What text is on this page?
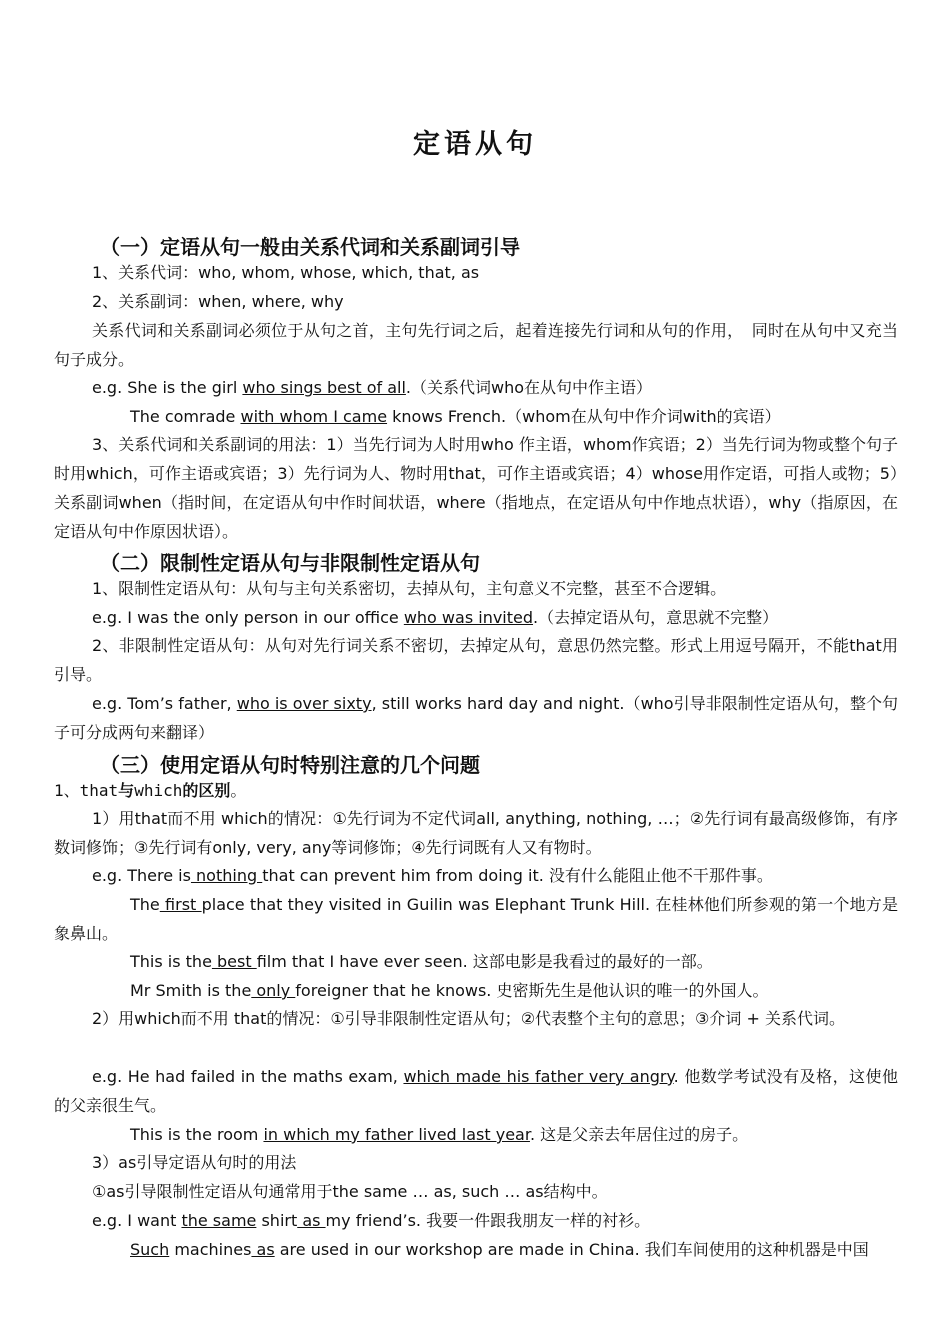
定语从句
（一）定语从句一般由关系代词和关系副词引导

1、关系代词：who, whom, whose, which, that, as

2、关系副词：when, where, why

关系代词和关系副词必须位于从句之首，主句先行词之后，起着连接先行词和从句的作用，　同时在从句中又充当句子成分。

e.g. She is the girl who sings best of all.（关系代词who在从句中作主语）

The comrade with whom I came knows French.（whom在从句中作介词with的宾语）

3、关系代词和关系副词的用法：1）当先行词为人时用who 作主语，whom作宾语；2）当先行词为物或整个句子时用which，可作主语或宾语；3）先行词为人、物时用that，可作主语或宾语；4）whose用作定语，可指人或物；5）关系副词when（指时间，在定语从句中作时间状语，where（指地点，在定语从句中作地点状语），why（指原因，在定语从句中作原因状语）。

（二）限制性定语从句与非限制性定语从句

1、限制性定语从句：从句与主句关系密切，去掉从句，主句意义不完整，甚至不合逻辑。

e.g. I was the only person in our office who was invited.（去掉定语从句，意思就不完整）

2、非限制性定语从句：从句对先行词关系不密切，去掉定从句，意思仍然完整。形式上用逗号隔开，不能that用引导。

e.g. Tom’s father, who is over sixty, still works hard day and night.（who引导非限制性定语从句，整个句子可分成两句来翻译）

（三）使用定语从句时特别注意的几个问题

1、that与which的区别。

1）用that而不用 which的情况：①先行词为不定代词all, anything, nothing, …；②先行词有最高级修饰，有序数词修饰；③先行词有only, very, any等词修饰；④先行词既有人又有物时。

e.g. There is nothing that can prevent him from doing it. 没有什么能阻止他不干那件事。

The first place that they visited in Guilin was Elephant Trunk Hill. 在桂林他们所参观的第一个地方是象鼻山。

This is the best film that I have ever seen. 这部电影是我看过的最好的一部。

Mr Smith is the only foreigner that he knows. 史密斯先生是他认识的唯一的外国人。

2）用which而不用 that的情况：①引导非限制性定语从句；②代表整个主句的意思；③介词 + 关系代词。

e.g. He had failed in the maths exam, which made his father very angry. 他数学考试没有及格，这使他的父亲很生气。

This is the room in which my father lived last year. 这是父亲去年居住过的房子。

3）as引导定语从句时的用法

①as引导限制性定语从句通常用于the same … as, such … as结构中。

e.g. I want the same shirt as my friend’s. 我要一件跟我朋友一样的衬衫。

Such machines as are used in our workshop are made in China. 我们车间使用的这种机器是中国
